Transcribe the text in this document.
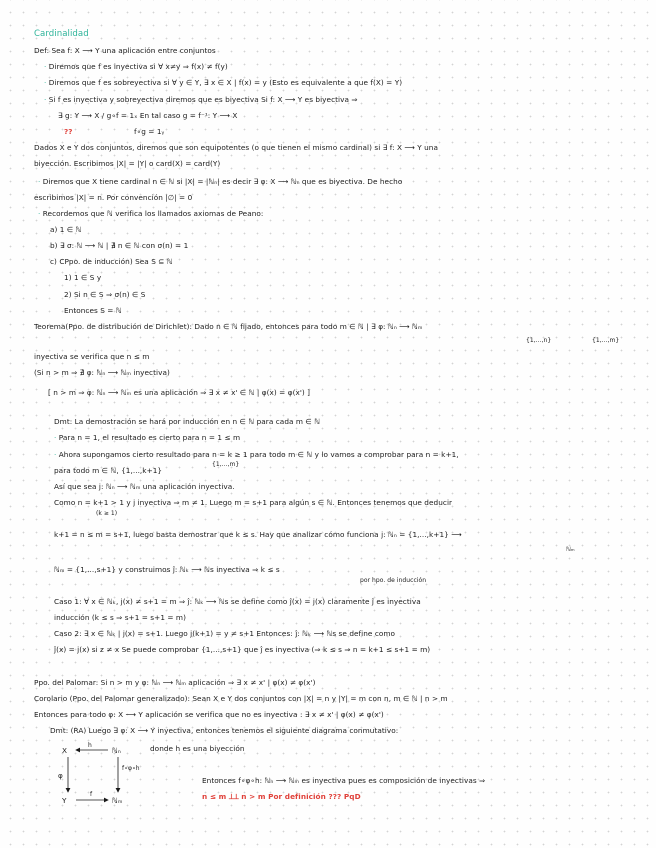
Cardinalidad
Def: Sea f: X ⟶ Y una aplicación entre conjuntos
· Diremos que f es inyectiva si ∀ x≠y ⇒ f(x) ≠ f(y)
· Diremos que f es sobreyectiva si ∀ y ∈ Y, ∃ x ∈ X | f(x) = y (Esto es equivalente a que f(X) = Y)
· Si f es inyectiva y sobreyectiva diremos que es biyectiva Si f: X ⟶ Y es biyectiva ⇒
∃ g: Y ⟶ X / g∘f = 1ₓ En tal caso g = f⁻¹: Y ⟶ X
??	f∘g = 1ᵧ
Dados X e Y dos conjuntos, diremos que son equipotentes (o que tienen el mismo cardinal) si ∃ f: X ⟶ Y una
biyección. Escribimos |X| = |Y| o card(X) = card(Y)
· Diremos que X tiene cardinal n ∈ ℕ si |X| = |ℕₙ| es decir ∃ φ: X ⟶ ℕₙ que es biyectiva. De hecho
escribimos |X| = n. Por convención |∅| = 0
· Recordemos que ℕ verifica los llamados axiomas de Peano:
a) 1 ∈ ℕ
b) ∃ σ: ℕ ⟶ ℕ | ∄ n ∈ ℕ con σ(n) = 1
c) CPpo. de inducción) Sea S ⊆ ℕ
1) 1 ∈ S y
2) Si n ∈ S ⇒ σ(n) ∈ S
Entonces S = ℕ
Teorema(Ppo. de distribución de Dirichlet): Dado n ∈ ℕ fijado, entonces para todo m ∈ ℕ | ∃ φ: ℕₙ ⟶ ℕₘ
{1,...,n}	{1,...,m}
inyectiva se verifica que n ≤ m
(Si n > m ⇒ ∄ φ: ℕₙ ⟶ ℕₘ inyectiva)
[ n > m ⇒ φ: ℕₙ ⟶ ℕₘ es una aplicación ⇒ ∃ x ≠ x' ∈ ℕ | φ(x) = φ(x') ]
Dmt: La demostración se hará por inducción en n ∈ ℕ para cada m ∈ ℕ
· Para n = 1, el resultado es cierto para n = 1 ≤ m
· Ahora supongamos cierto resultado para n = k ≥ 1 para todo m ∈ ℕ y lo vamos a comprobar para n = k+1,
para todo m ∈ ℕ, {1,...,k+1}
{1,...,m}
Así que sea j: ℕₙ ⟶ ℕₘ una aplicación inyectiva.
Como n = k+1 > 1 y j inyectiva ⇒ m ≠ 1. Luego m = s+1 para algún s ∈ ℕ. Entonces tenemos que deducir
(k ≥ 1)
k+1 = n ≤ m = s+1, luego basta demostrar que k ≤ s. Hay que analizar cómo funciona j: ℕₙ = {1,...,k+1} ⟶
ℕₘ
ℕₘ = {1,...,s+1} y construimos ĵ: ℕₖ ⟶ ℕs inyectiva ⇒ k ≤ s
por hpo. de inducción
Caso 1: ∀ x ∈ ℕₖ, j(x) ≠ s+1 = m ⇒ ĵ: ℕₖ ⟶ ℕs se define como ĵ(x) = j(x) claramente ĵ es inyectiva
inducción (k ≤ s ⇒ s+1 = s+1 = m)
Caso 2: ∃ x ∈ ℕₖ | j(x) = s+1. Luego j(k+1) = y ≠ s+1 Entonces: ĵ: ℕₖ ⟶ ℕs se define como
ĵ(x) = j(x) si z ≠ x Se puede comprobar {1,...,s+1} que ĵ es inyectiva (⇒ k ≤ s ⇒ n = k+1 ≤ s+1 = m)
Ppo. del Palomar: Si n > m y φ: ℕₙ ⟶ ℕₘ aplicación ⇒ ∃ x ≠ x' | φ(x) ≠ φ(x')
Corolario (Ppo. del Palomar generalizado): Sean X e Y dos conjuntos con |X| = n y |Y| = m con n, m ∈ ℕ | n > m
Entonces para todo φ: X ⟶ Y aplicación se verifica que no es inyectiva : ∃ x ≠ x' | φ(x) ≠ φ(x')
Dmt: (RA) Luego ∃ φ: X ⟶ Y inyectiva, entonces tenemos el siguiente diagrama conmutativo:
X	ℕₙ
h
φ
f∘φ∘h
Y	ℕₘ
f
donde h es una biyección
Entonces f∘φ∘h: ℕₙ ⟶ ℕₘ es inyectiva pues es composición de inyectivas ⇒
n ≤ m ⟂⟂ n > m Por definición ??? PqD
